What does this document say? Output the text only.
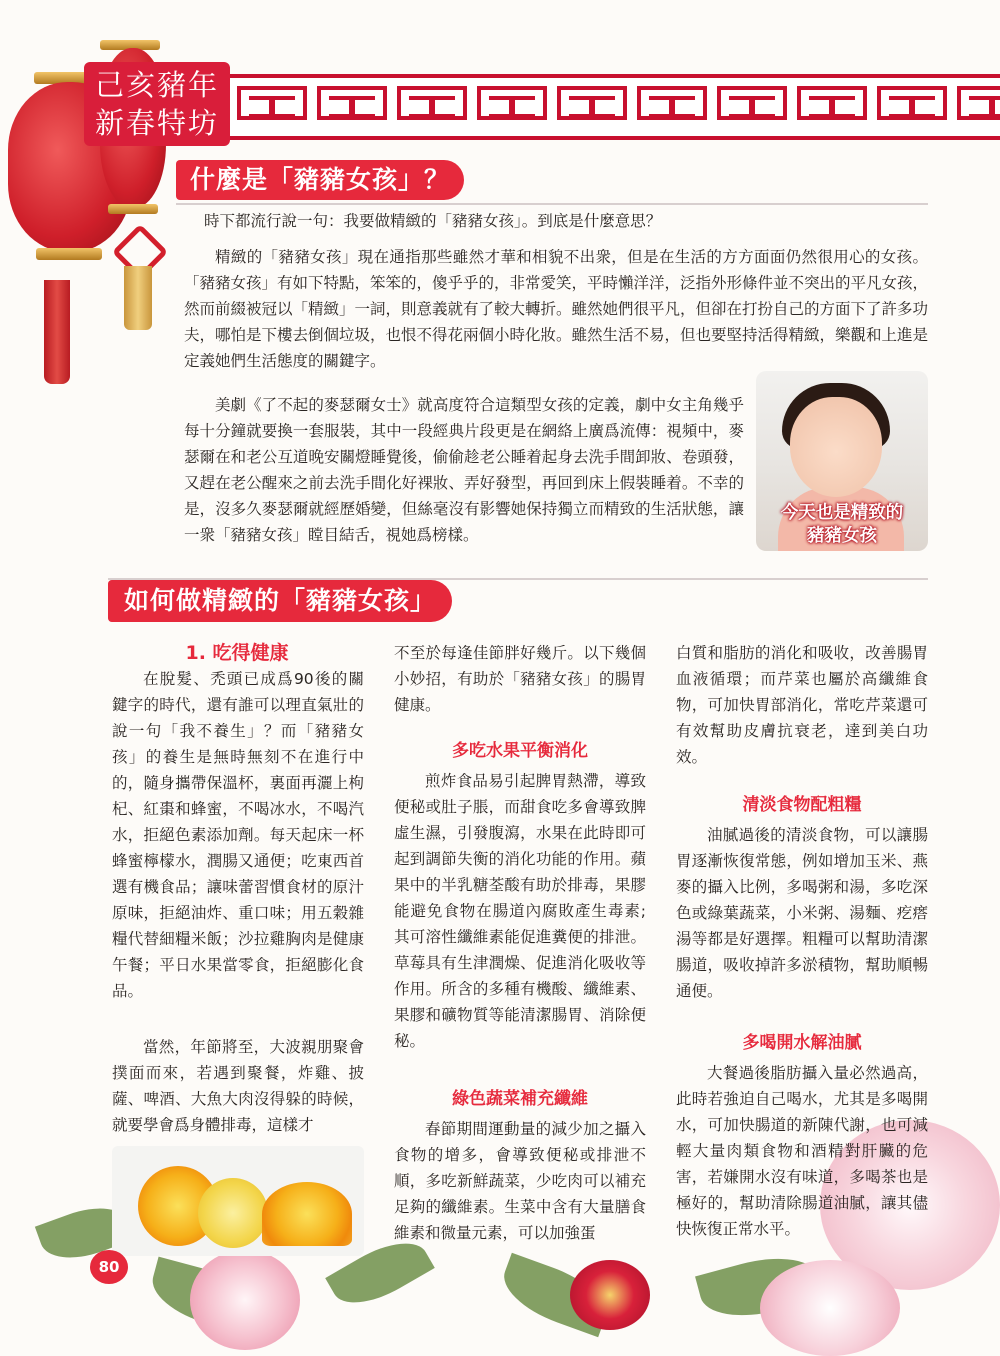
己亥豬年
新春特坊
什麼是「豬豬女孩」？

時下都流行說一句：我要做精緻的「豬豬女孩」。到底是什麼意思？

精緻的「豬豬女孩」現在通指那些雖然才華和相貌不出衆，但是在生活的方方面面仍然很用心的女孩。「豬豬女孩」有如下特點，笨笨的，傻乎乎的，非常愛笑，平時懶洋洋，泛指外形條件並不突出的平凡女孩，然而前綴被冠以「精緻」一詞，則意義就有了較大轉折。雖然她們很平凡，但卻在打扮自己的方面下了許多功夫，哪怕是下樓去倒個垃圾，也恨不得花兩個小時化妝。雖然生活不易，但也要堅持活得精緻，樂觀和上進是定義她們生活態度的關鍵字。

美劇《了不起的麥瑟爾女士》就高度符合這類型女孩的定義，劇中女主角幾乎每十分鐘就要換一套服裝，其中一段經典片段更是在網絡上廣爲流傳：視頻中，麥瑟爾在和老公互道晚安關燈睡覺後，偷偷趁老公睡着起身去洗手間卸妝、卷頭發，又趕在老公醒來之前去洗手間化好裸妝、弄好發型，再回到床上假裝睡着。不幸的是，沒多久麥瑟爾就經歷婚變，但絲毫沒有影響她保持獨立而精致的生活狀態，讓一衆「豬豬女孩」瞠目結舌，視她爲榜樣。

今天也是精致的
豬豬女孩
如何做精緻的「豬豬女孩」
1. 吃得健康

在脫髮、禿頭已成爲90後的關鍵字的時代，還有誰可以理直氣壯的說一句「我不養生」？而「豬豬女孩」的養生是無時無刻不在進行中的，隨身攜帶保溫杯，裏面再灑上枸杞、紅棗和蜂蜜，不喝冰水，不喝汽水，拒絕色素添加劑。每天起床一杯蜂蜜檸檬水，潤腸又通便；吃東西首選有機食品；讓味蕾習慣食材的原汁原味，拒絕油炸、重口味；用五穀雜糧代替細糧米飯；沙拉雞胸肉是健康午餐；平日水果當零食，拒絕膨化食品。

當然，年節將至，大波親朋聚會撲面而來，若遇到聚餐，炸雞、披薩、啤酒、大魚大肉沒得躲的時候，就要學會爲身體排毒，這樣才

不至於每逢佳節胖好幾斤。以下幾個小妙招，有助於「豬豬女孩」的腸胃健康。

多吃水果平衡消化

煎炸食品易引起脾胃熱滯，導致便秘或肚子脹，而甜食吃多會導致脾虛生濕，引發腹瀉，水果在此時即可起到調節失衡的消化功能的作用。蘋果中的半乳糖荃酸有助於排毒，果膠能避免食物在腸道內腐敗產生毒素;其可溶性纖維素能促進糞便的排泄。草莓具有生津潤燥、促進消化吸收等作用。所含的多種有機酸、纖維素、果膠和礦物質等能清潔腸胃、消除便秘。

綠色蔬菜補充纖維

春節期間運動量的減少加之攝入食物的增多，會導致便秘或排泄不順，多吃新鮮蔬菜，少吃肉可以補充足夠的纖維素。生菜中含有大量膳食維素和微量元素，可以加強蛋

白質和脂肪的消化和吸收，改善腸胃血液循環；而芹菜也屬於高纖維食物，可加快胃部消化，常吃芹菜還可有效幫助皮膚抗衰老，達到美白功效。

清淡食物配粗糧

油膩過後的清淡食物，可以讓腸胃逐漸恢復常態，例如增加玉米、燕麥的攝入比例，多喝粥和湯，多吃深色或綠葉蔬菜，小米粥、湯麵、疙瘩湯等都是好選擇。粗糧可以幫助清潔腸道，吸收掉許多淤積物，幫助順暢通便。

多喝開水解油膩

大餐過後脂肪攝入量必然過高，此時若強迫自己喝水，尤其是多喝開水，可加快腸道的新陳代謝，也可減輕大量肉類食物和酒精對肝臟的危害，若嫌開水沒有味道，多喝茶也是極好的，幫助清除腸道油膩，讓其儘快恢復正常水平。

80
